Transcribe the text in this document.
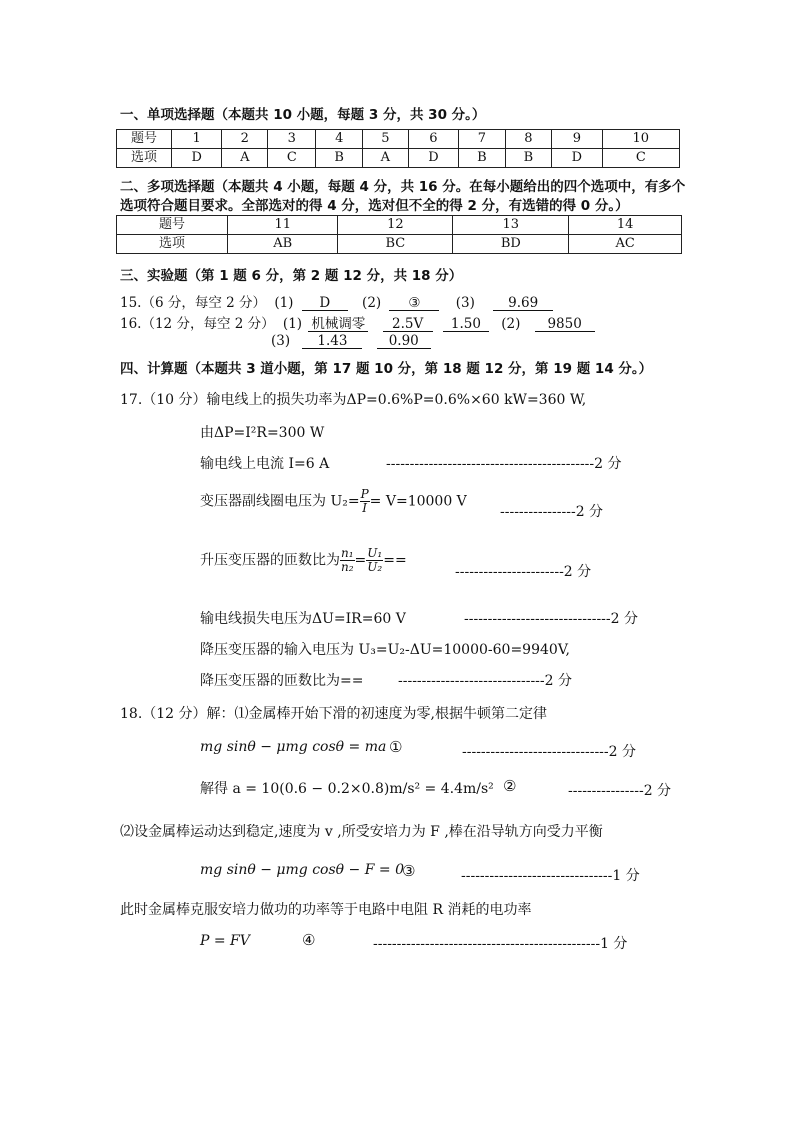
一、单项选择题（本题共 10 小题，每题 3 分，共 30 分。）
题号	1	2	3	4	5	6	7	8	9	10
选项	D	A	C	B	A	D	B	B	D	C
二、多项选择题（本题共 4 小题，每题 4 分，共 16 分。在每小题给出的四个选项中，有多个
选项符合题目要求。全部选对的得 4 分，选对但不全的得 2 分，有选错的得 0 分。）
题号	11	12	13	14
选项	AB	BC	BD	AC
三、实验题（第 1 题 6 分，第 2 题 12 分，共 18 分）
15.（6 分，每空 2 分） (1) D (2) ③	(3) 9.69
16.（12 分，每空 2 分） (1) 机械调零 2.5V 1.50 (2) 9850
(3) 1.43	0.90
四、计算题（本题共 3 道小题，第 17 题 10 分，第 18 题 12 分，第 19 题 14 分。）
17.（10 分）输电线上的损失功率为ΔP=0.6%P=0.6%×60 kW=360 W,
由ΔP=I²R=300 W
输电线上电流 I=6 A	--------------------------------------------2 分
变压器副线圈电压为 $U_2= \frac{P}{I} = V=10000$ V
----------------2 分
升压变压器的匝数比为 $\frac{\text{n₁}}{\text{n₂}} = \frac{\text{U₁}}{\text{U₂}}$ ==
-----------------------2 分
输电线损失电压为ΔU=IR=60 V	-------------------------------2 分
降压变压器的输入电压为 U₃=U₂-ΔU=10000-60=9940V,
降压变压器的匝数比为== -------------------------------2 分
18.（12 分）解：⑴金属棒开始下滑的初速度为零,根据牛顿第二定律
mg sinθ − μmg cosθ = ma ①	-------------------------------2 分
解得 a = 10(0.6 − 0.2×0.8)m/s² = 4.4m/s² ②	----------------2 分
⑵设金属棒运动达到稳定,速度为 v ,所受安培力为 F ,棒在沿导轨方向受力平衡
mg sinθ − μmg cosθ − F = 0
③	--------------------------------1 分
此时金属棒克服安培力做功的功率等于电路中电阻 R 消耗的电功率
P = FV	④	------------------------------------------------1 分
